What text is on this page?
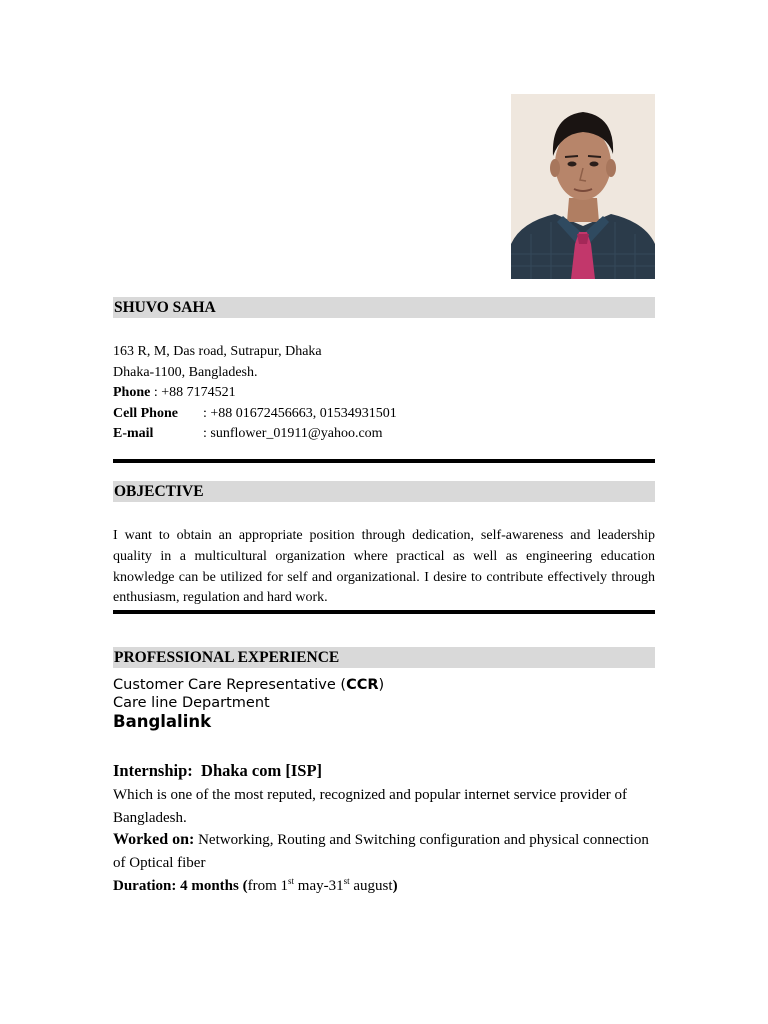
SHUVO SAHA
163 R, M, Das road, Sutrapur, Dhaka
Dhaka-1100, Bangladesh.
Phone : +88 7174521
Cell Phone : +88 01672456663, 01534931501
E-mail	: sunflower_01911@yahoo.com
OBJECTIVE

I want to obtain an appropriate position through dedication, self-awareness and leadership quality in a multicultural organization where practical as well as engineering education knowledge can be utilized for self and organizational. I desire to contribute effectively through enthusiasm, regulation and hard work.

PROFESSIONAL EXPERIENCE
Customer Care Representative (CCR)
Care line Department
Banglalink
Internship: Dhaka com [ISP]

Which is one of the most reputed, recognized and popular internet service provider of Bangladesh.

Worked on: Networking, Routing and Switching configuration and physical connection of Optical fiber

Duration: 4 months (from 1st may-31st august)
